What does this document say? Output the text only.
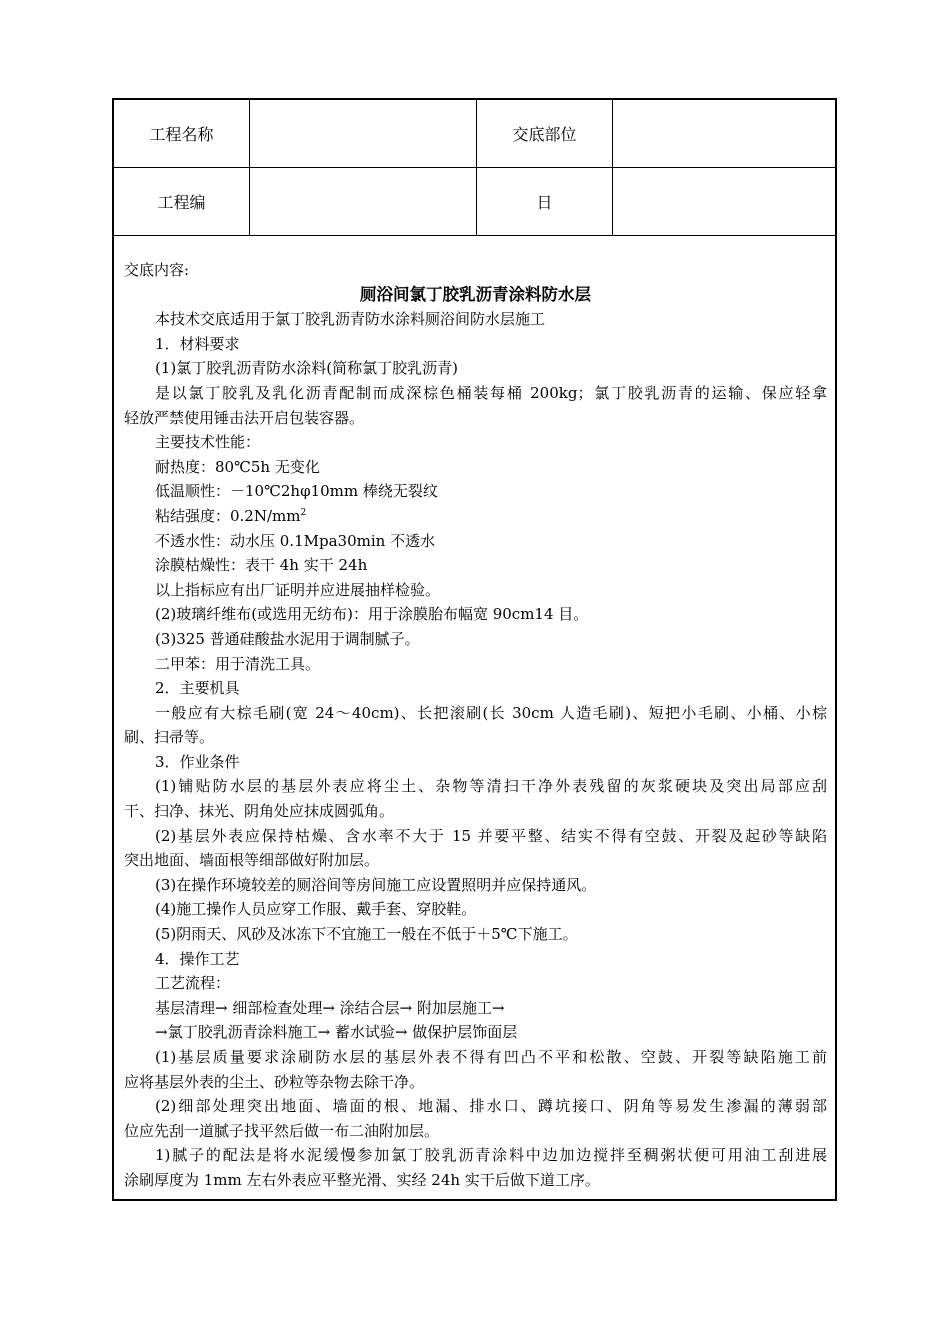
工程名称	交底部位
工程编	日
交底内容:
厕浴间氯丁胶乳沥青涂料防水层
本技术交底适用于氯丁胶乳沥青防水涂料厕浴间防水层施工
1．材料要求
(1)氯丁胶乳沥青防水涂料(简称氯丁胶乳沥青)
是以氯丁胶乳及乳化沥青配制而成深棕色桶装每桶 200kg；氯丁胶乳沥青的运输、保应轻拿
轻放严禁使用锤击法开启包装容器。
主要技术性能：
耐热度：80℃5h 无变化
低温顺性：－10℃2hφ10mm 棒绕无裂纹
粘结强度：$0.2N/mm^2$
不透水性：动水压 0.1Mpa30min 不透水
涂膜枯燥性：表干 4h 实干 24h
以上指标应有出厂证明并应进展抽样检验。
(2)玻璃纤维布(或选用无纺布)：用于涂膜胎布幅宽 90cm14 目。
(3)325 普通硅酸盐水泥用于调制腻子。
二甲苯：用于清洗工具。
2．主要机具
一般应有大棕毛刷(宽 24～40cm)、长把滚刷(长 30cm 人造毛刷)、短把小毛刷、小桶、小棕
刷、扫帚等。
3．作业条件
(1)铺贴防水层的基层外表应将尘土、杂物等清扫干净外表残留的灰浆硬块及突出局部应刮
干、扫净、抹光、阴角处应抹成圆弧角。
(2)基层外表应保持枯燥、含水率不大于 15 并要平整、结实不得有空鼓、开裂及起砂等缺陷
突出地面、墙面根等细部做好附加层。
(3)在操作环境较差的厕浴间等房间施工应设置照明并应保持通风。
(4)施工操作人员应穿工作服、戴手套、穿胶鞋。
(5)阴雨天、风砂及冰冻下不宜施工一般在不低于＋5℃下施工。
4．操作工艺
工艺流程：
基层清理→ 细部检查处理→ 涂结合层→ 附加层施工→
→氯丁胶乳沥青涂料施工→ 蓄水试验→ 做保护层饰面层
(1)基层质量要求涂刷防水层的基层外表不得有凹凸不平和松散、空鼓、开裂等缺陷施工前
应将基层外表的尘土、砂粒等杂物去除干净。
(2)细部处理突出地面、墙面的根、地漏、排水口、蹲坑接口、阴角等易发生渗漏的薄弱部
位应先刮一道腻子找平然后做一布二油附加层。
1)腻子的配法是将水泥缓慢参加氯丁胶乳沥青涂料中边加边搅拌至稠粥状便可用油工刮进展
涂刷厚度为 1mm 左右外表应平整光滑、实经 24h 实干后做下道工序。
